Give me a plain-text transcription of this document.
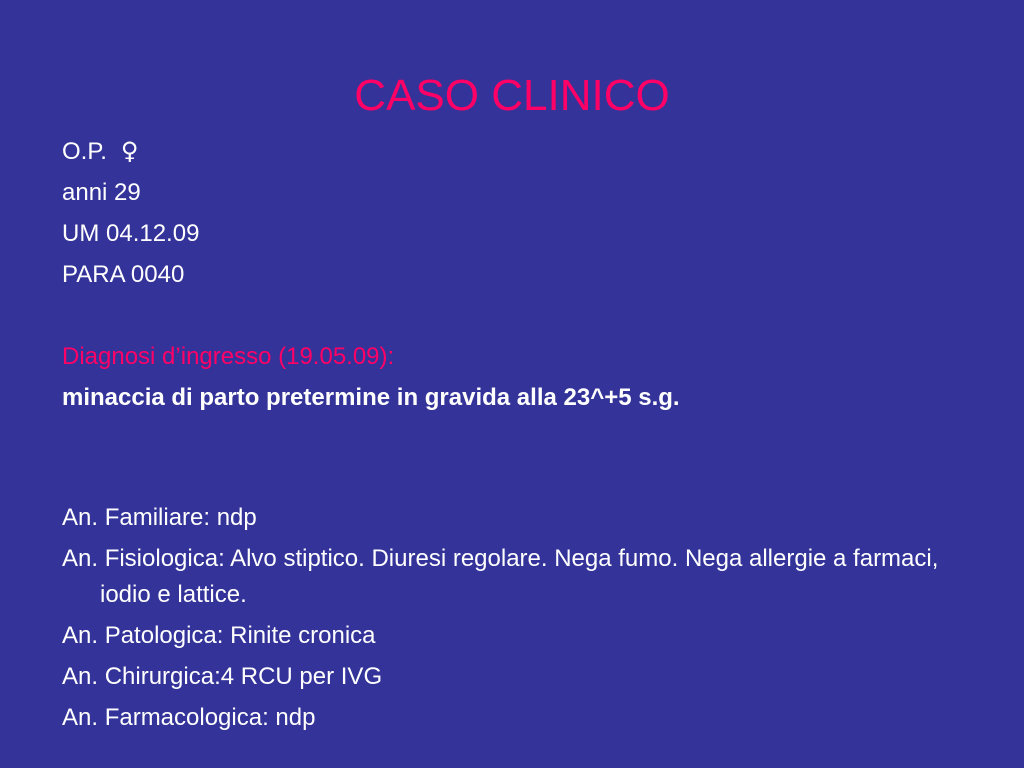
CASO CLINICO
O.P. ♀
anni 29
UM 04.12.09
PARA 0040
Diagnosi d’ingresso (19.05.09):
minaccia di parto pretermine in gravida alla 23^+5 s.g.
An. Familiare: ndp
An. Fisiologica: Alvo stiptico. Diuresi regolare. Nega fumo. Nega allergie a farmaci, iodio e lattice.
An. Patologica: Rinite cronica
An. Chirurgica:4 RCU per IVG
An. Farmacologica: ndp
